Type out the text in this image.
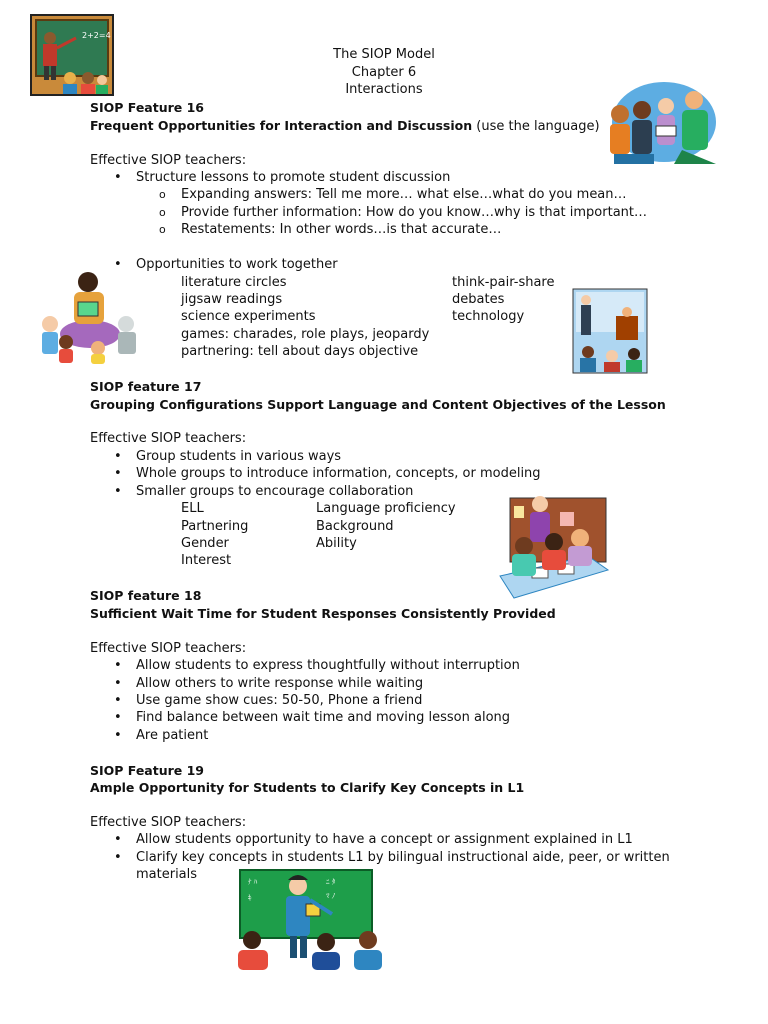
The SIOP Model
Chapter 6
Interactions
SIOP Feature 16
Frequent Opportunities for Interaction and Discussion (use the language)
Effective SIOP teachers:
• Structure lessons to promote student discussion
o Expanding answers: Tell me more… what else…what do you mean…
o Provide further information: How do you know…why is that important…
o Restatements: In other words…is that accurate…
• Opportunities to work together
literature circles
jigsaw readings
science experiments
games: charades, role plays, jeopardy
partnering: tell about days objective
think-pair-share
debates
technology
SIOP feature 17
Grouping Configurations Support Language and Content Objectives of the Lesson
Effective SIOP teachers:
• Group students in various ways
• Whole groups to introduce information, concepts, or modeling
• Smaller groups to encourage collaboration
ELL
Partnering
Gender
Interest
Language proficiency
Background
Ability
SIOP feature 18
Sufficient Wait Time for Student Responses Consistently Provided
Effective SIOP teachers:
• Allow students to express thoughtfully without interruption
• Allow others to write response while waiting
• Use game show cues: 50-50, Phone a friend
• Find balance between wait time and moving lesson along
• Are patient
SIOP Feature 19
Ample Opportunity for Students to Clarify Key Concepts in L1
Effective SIOP teachers:
• Allow students opportunity to have a concept or assignment explained in L1
• Clarify key concepts in students L1 by bilingual instructional aide, peer, or written
materials
2+2=4
ﾅ ﾊ	ﾆ ﾀ
ﾏ ﾉ
ｷ
